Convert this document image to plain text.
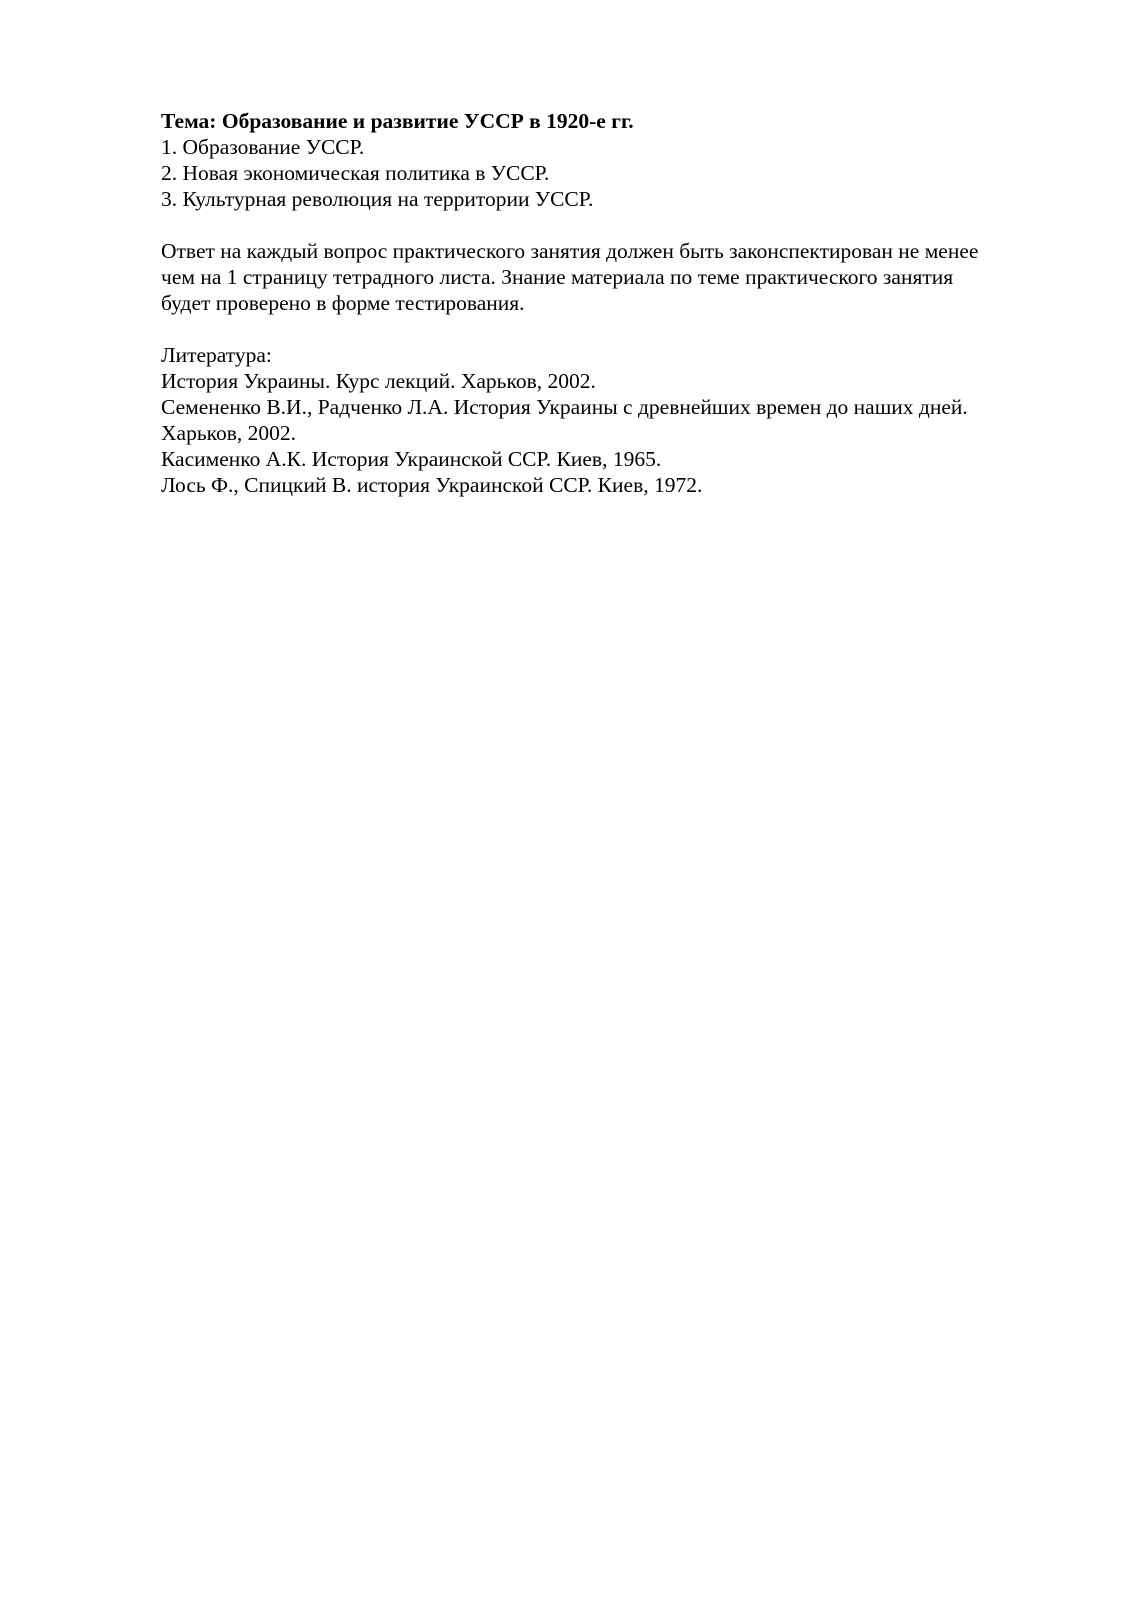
Тема: Образование и развитие УССР в 1920-е гг.
1. Образование УССР.
2. Новая экономическая политика в УССР.
3. Культурная революция на территории УССР.
Ответ на каждый вопрос практического занятия должен быть законспектирован не менее
чем на 1 страницу тетрадного листа. Знание материала по теме практического занятия
будет проверено в форме тестирования.
Литература:
История Украины. Курс лекций. Харьков, 2002.
Семененко В.И., Радченко Л.А. История Украины с древнейших времен до наших дней.
Харьков, 2002.
Касименко А.К. История Украинской ССР. Киев, 1965.
Лось Ф., Спицкий В. история Украинской ССР. Киев, 1972.
